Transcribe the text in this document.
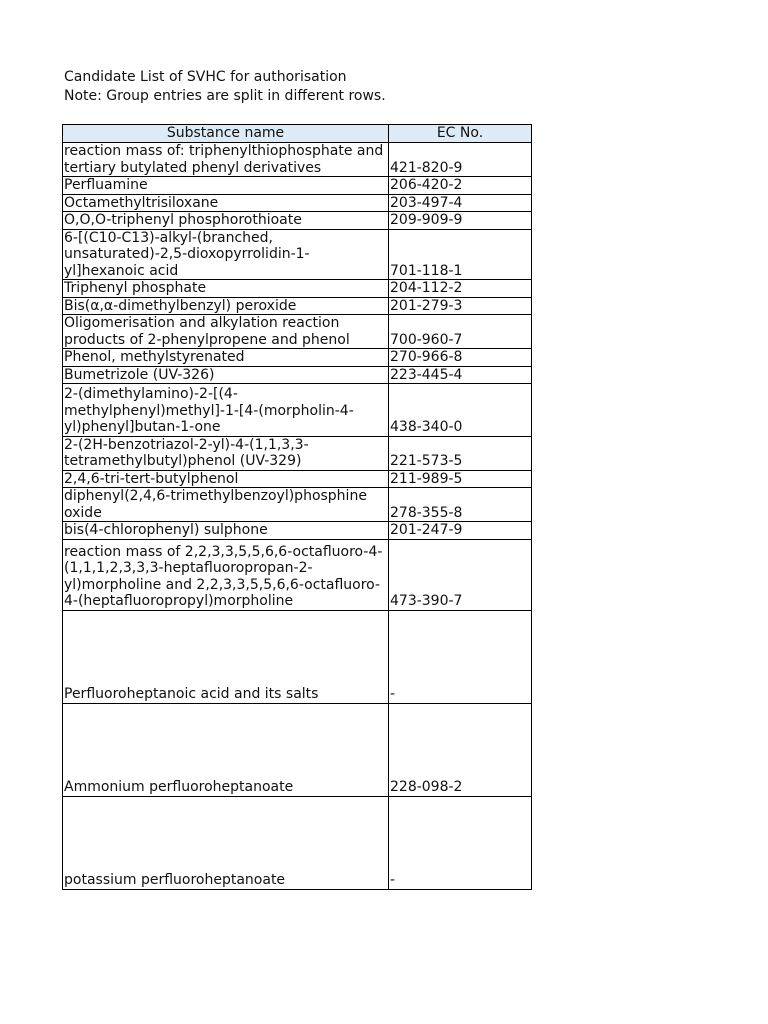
Candidate List of SVHC for authorisation
Note: Group entries are split in different rows.
Substance name	EC No.
reaction mass of: triphenylthiophosphate and tertiary butylated phenyl derivatives	421-820-9
Perfluamine	206-420-2
Octamethyltrisiloxane	203-497-4
O,O,O-triphenyl phosphorothioate	209-909-9
6-[(C10-C13)-alkyl-(branched, unsaturated)-2,5-dioxopyrrolidin-1-yl]hexanoic acid	701-118-1
Triphenyl phosphate	204-112-2
Bis(α,α-dimethylbenzyl) peroxide	201-279-3
Oligomerisation and alkylation reaction products of 2-phenylpropene and phenol	700-960-7
Phenol, methylstyrenated	270-966-8
Bumetrizole (UV-326)	223-445-4
2-(dimethylamino)-2-[(4-methylphenyl)methyl]-1-[4-(morpholin-4-yl)phenyl]butan-1-one	438-340-0
2-(2H-benzotriazol-2-yl)-4-(1,1,3,3-tetramethylbutyl)phenol (UV-329)	221-573-5
2,4,6-tri-tert-butylphenol	211-989-5
diphenyl(2,4,6-trimethylbenzoyl)phosphine oxide	278-355-8
bis(4-chlorophenyl) sulphone	201-247-9
reaction mass of 2,2,3,3,5,5,6,6-octafluoro-4-(1,1,1,2,3,3,3-heptafluoropropan-2-yl)morpholine and 2,2,3,3,5,5,6,6-octafluoro-4-(heptafluoropropyl)morpholine	473-390-7
Perfluoroheptanoic acid and its salts	-
Ammonium perfluoroheptanoate	228-098-2
potassium perfluoroheptanoate	-
